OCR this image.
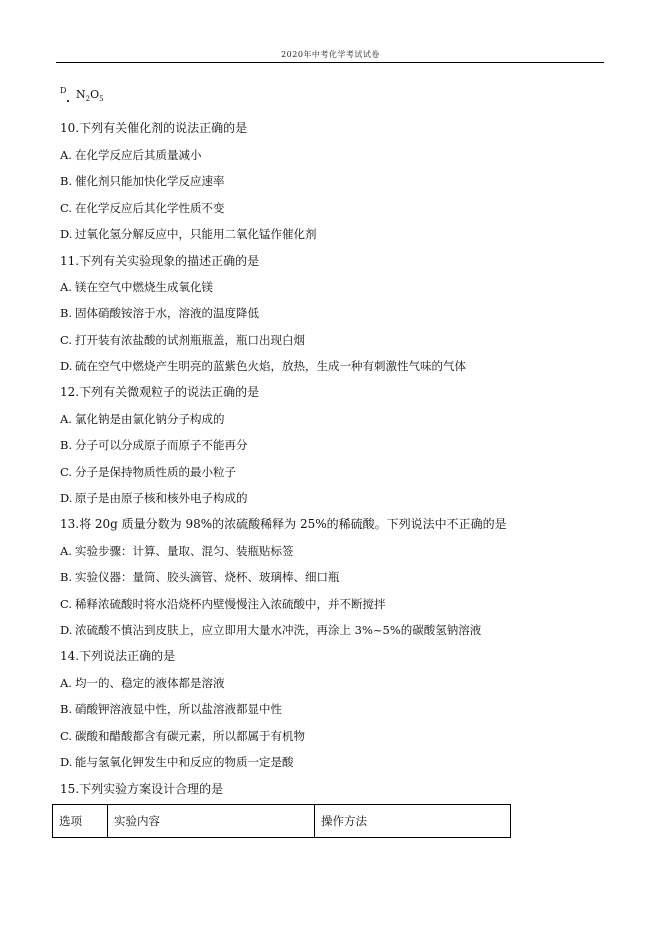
2020年中考化学考试试卷
D $N_2O_5$
10.下列有关催化剂的说法正确的是
A. 在化学反应后其质量减小
B. 催化剂只能加快化学反应速率
C. 在化学反应后其化学性质不变
D. 过氧化氢分解反应中，只能用二氧化锰作催化剂
11.下列有关实验现象的描述正确的是
A. 镁在空气中燃烧生成氧化镁
B. 固体硝酸铵溶于水，溶液的温度降低
C. 打开装有浓盐酸的试剂瓶瓶盖，瓶口出现白烟
D. 硫在空气中燃烧产生明亮的蓝紫色火焰，放热，生成一种有刺激性气味的气体
12.下列有关微观粒子的说法正确的是
A. 氯化钠是由氯化钠分子构成的
B. 分子可以分成原子而原子不能再分
C. 分子是保持物质性质的最小粒子
D. 原子是由原子核和核外电子构成的
13.将 20g 质量分数为 98%的浓硫酸稀释为 25%的稀硫酸。下列说法中不正确的是
A. 实验步骤：计算、量取、混匀、装瓶贴标签
B. 实验仪器：量筒、胶头滴管、烧杯、玻璃棒、细口瓶
C. 稀释浓硫酸时将水沿烧杯内壁慢慢注入浓硫酸中，并不断搅拌
D. 浓硫酸不慎沾到皮肤上，应立即用大量水冲洗，再涂上 3%~5%的碳酸氢钠溶液
14.下列说法正确的是
A. 均一的、稳定的液体都是溶液
B. 硝酸钾溶液显中性，所以盐溶液都显中性
C. 碳酸和醋酸都含有碳元素，所以都属于有机物
D. 能与氢氧化钾发生中和反应的物质一定是酸
15.下列实验方案设计合理的是
选项	实验内容	操作方法
